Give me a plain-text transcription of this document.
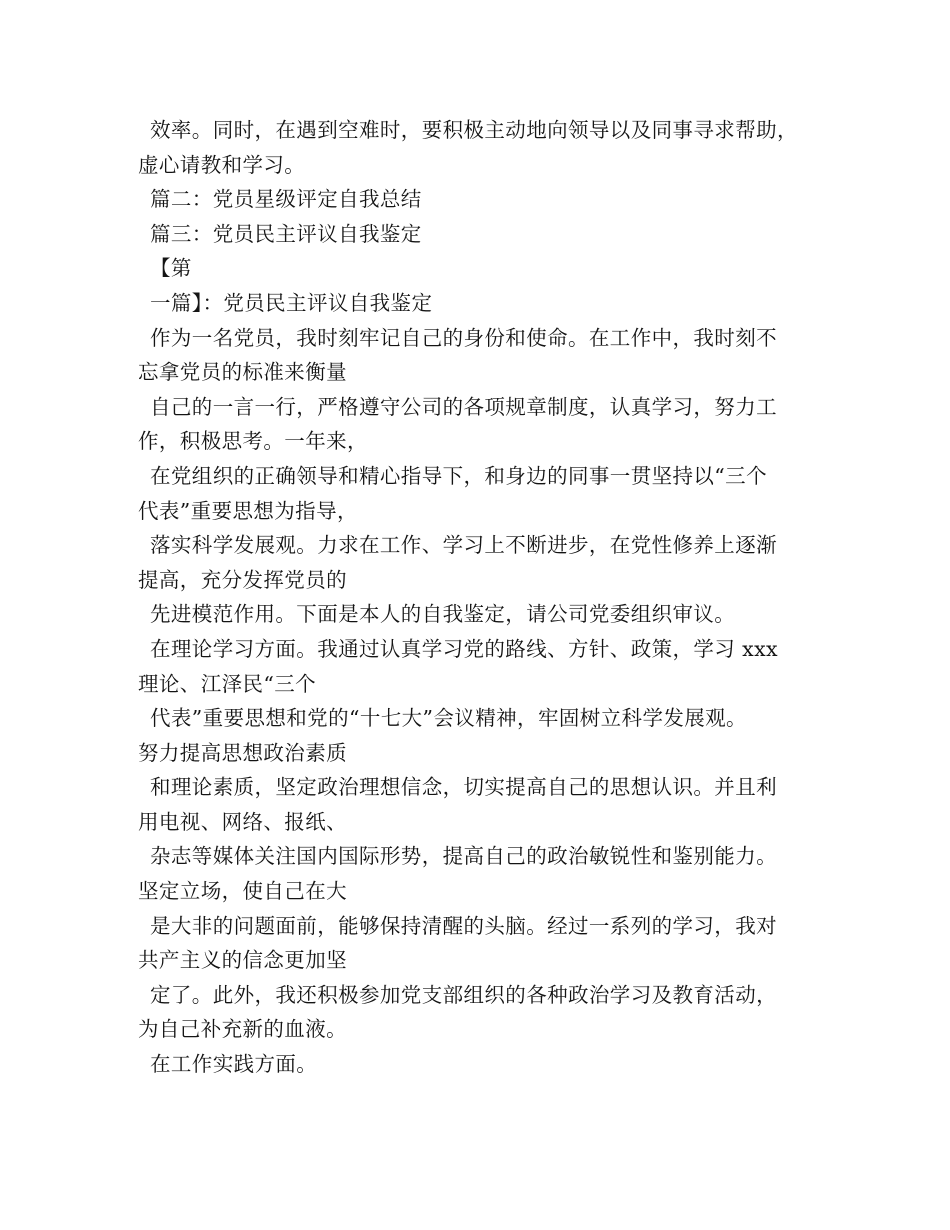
效率。同时，在遇到空难时，要积极主动地向领导以及同事寻求帮助，
虚心请教和学习。
篇二：党员星级评定自我总结
篇三：党员民主评议自我鉴定
【第
一篇】：党员民主评议自我鉴定
作为一名党员，我时刻牢记自己的身份和使命。在工作中，我时刻不
忘拿党员的标准来衡量
自己的一言一行，严格遵守公司的各项规章制度，认真学习，努力工
作，积极思考。一年来，
在党组织的正确领导和精心指导下，和身边的同事一贯坚持以“三个
代表”重要思想为指导，
落实科学发展观。力求在工作、学习上不断进步，在党性修养上逐渐
提高，充分发挥党员的
先进模范作用。下面是本人的自我鉴定，请公司党委组织审议。
在理论学习方面。我通过认真学习党的路线、方针、政策，学习 xxx
理论、江泽民“三个
代表”重要思想和党的“十七大”会议精神，牢固树立科学发展观。
努力提高思想政治素质
和理论素质，坚定政治理想信念，切实提高自己的思想认识。并且利
用电视、网络、报纸、
杂志等媒体关注国内国际形势，提高自己的政治敏锐性和鉴别能力。
坚定立场，使自己在大
是大非的问题面前，能够保持清醒的头脑。经过一系列的学习，我对
共产主义的信念更加坚
定了。此外，我还积极参加党支部组织的各种政治学习及教育活动，
为自己补充新的血液。
在工作实践方面。
